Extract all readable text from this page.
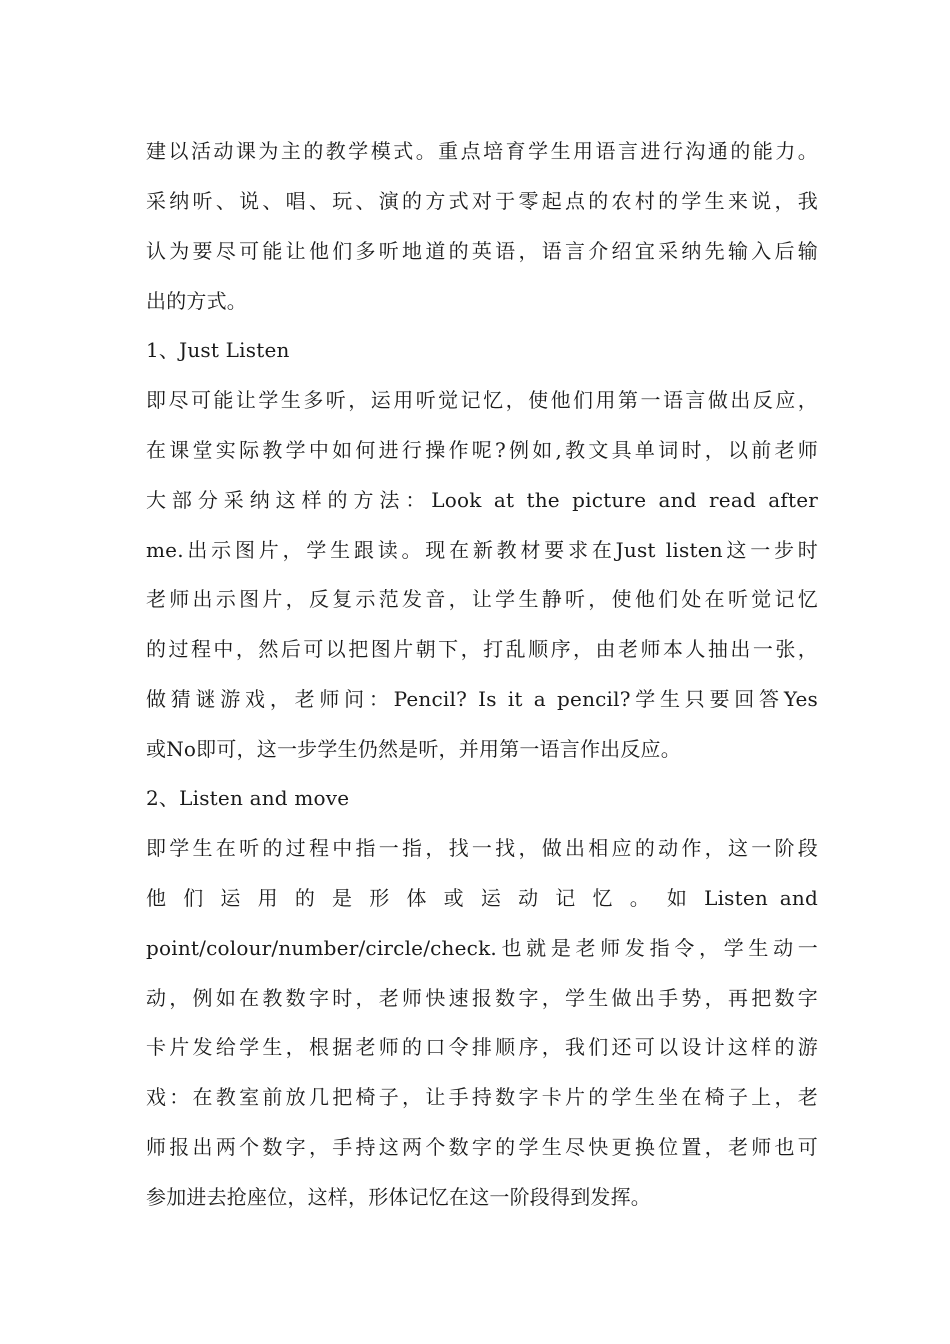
建以活动课为主的教学模式。重点培育学生用语言进行沟通的能力。
采纳听、说、唱、玩、演的方式对于零起点的农村的学生来说，我
认为要尽可能让他们多听地道的英语，语言介绍宜采纳先输入后输
出的方式。
1、Just Listen
即尽可能让学生多听，运用听觉记忆，使他们用第一语言做出反应，
在课堂实际教学中如何进行操作呢?例如,教文具单词时，以前老师
大部分采纳这样的方法：Look at the picture and read after
me.出示图片，学生跟读。现在新教材要求在Just listen这一步时
老师出示图片，反复示范发音，让学生静听，使他们处在听觉记忆
的过程中，然后可以把图片朝下，打乱顺序，由老师本人抽出一张，
做猜谜游戏，老师问：Pencil? Is it a pencil?学生只要回答Yes
或No即可，这一步学生仍然是听，并用第一语言作出反应。
2、Listen and move
即学生在听的过程中指一指，找一找，做出相应的动作，这一阶段
他 们 运 用 的 是 形 体 或 运 动 记 忆 。 如 Listen and
point/colour/number/circle/check.也就是老师发指令，学生动一
动，例如在教数字时，老师快速报数字，学生做出手势，再把数字
卡片发给学生，根据老师的口令排顺序，我们还可以设计这样的游
戏：在教室前放几把椅子，让手持数字卡片的学生坐在椅子上，老
师报出两个数字，手持这两个数字的学生尽快更换位置，老师也可
参加进去抢座位，这样，形体记忆在这一阶段得到发挥。
